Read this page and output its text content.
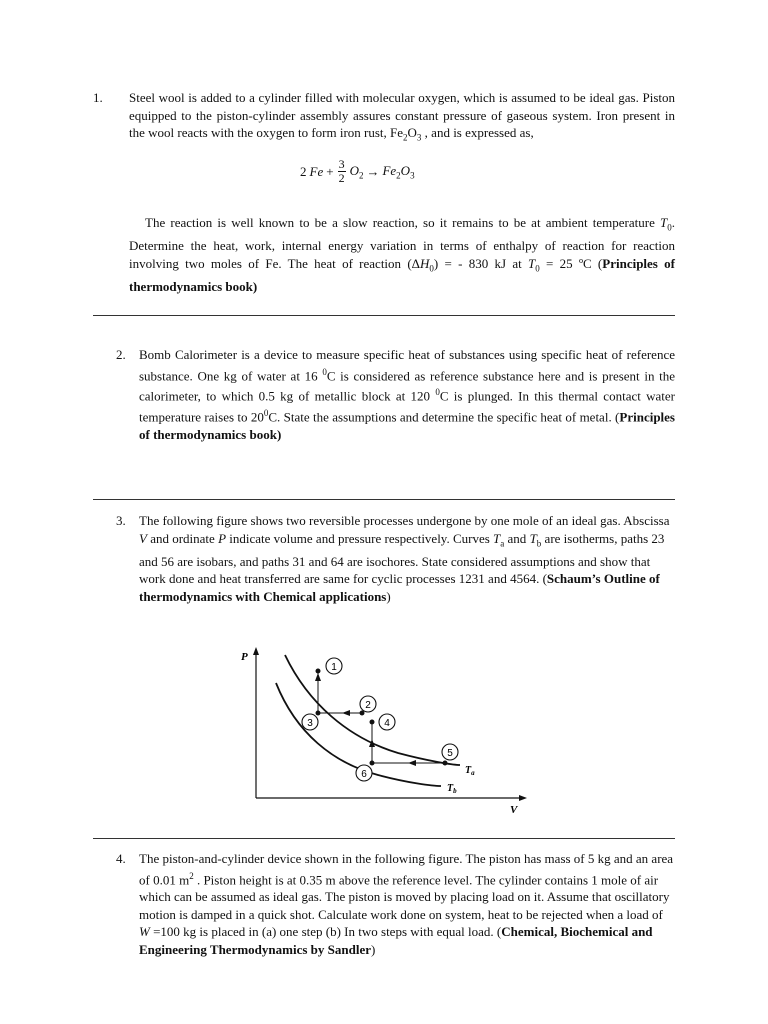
1. Steel wool is added to a cylinder filled with molecular oxygen, which is assumed to be ideal gas. Piston equipped to the piston-cylinder assembly assures constant pressure of gaseous system. Iron present in the wool reacts with the oxygen to form iron rust, $Fe_2O_3$ , and is expressed as,

2 $Fe + \frac{3}{2} O_2 \to Fe_2O_3$

The reaction is well known to be a slow reaction, so it remains to be at ambient temperature $T_0$. Determine the heat, work, internal energy variation in terms of enthalpy of reaction for reaction involving two moles of Fe. The heat of reaction $(\Delta H_0)$ = - 830 kJ at $T_0 = 25$ ºC (Principles of thermodynamics book)

2. Bomb Calorimeter is a device to measure specific heat of substances using specific heat of reference substance. One kg of water at 16 $^0$C is considered as reference substance here and is present in the calorimeter, to which 0.5 kg of metallic block at 120 $^0$C is plunged. In this thermal contact water temperature raises to $20^0C$. State the assumptions and determine the specific heat of metal. (Principles of thermodynamics book)

3. The following figure shows two reversible processes undergone by one mole of an ideal gas. Abscissa V and ordinate P indicate volume and pressure respectively. Curves $T_a$ and $T_b$ are isotherms, paths 23 and 56 are isobars, and paths 31 and 64 are isochores. State considered assumptions and show that work done and heat transferred are same for cyclic processes 1231 and 4564. (Schaum’s Outline of thermodynamics with Chemical applications)

P
V
$T_a$
$T_b$
1
2
3	4
5
6
4. The piston-and-cylinder device shown in the following figure. The piston has mass of 5 kg and an area of 0.01 $m^2$ . Piston height is at 0.35 m above the reference level. The cylinder contains 1 mole of air which can be assumed as ideal gas. The piston is moved by placing load on it. Assume that oscillatory motion is damped in a quick shot. Calculate work done on system, heat to be rejected when a load of W =100 kg is placed in (a) one step (b) In two steps with equal load. (Chemical, Biochemical and Engineering Thermodynamics by Sandler)
